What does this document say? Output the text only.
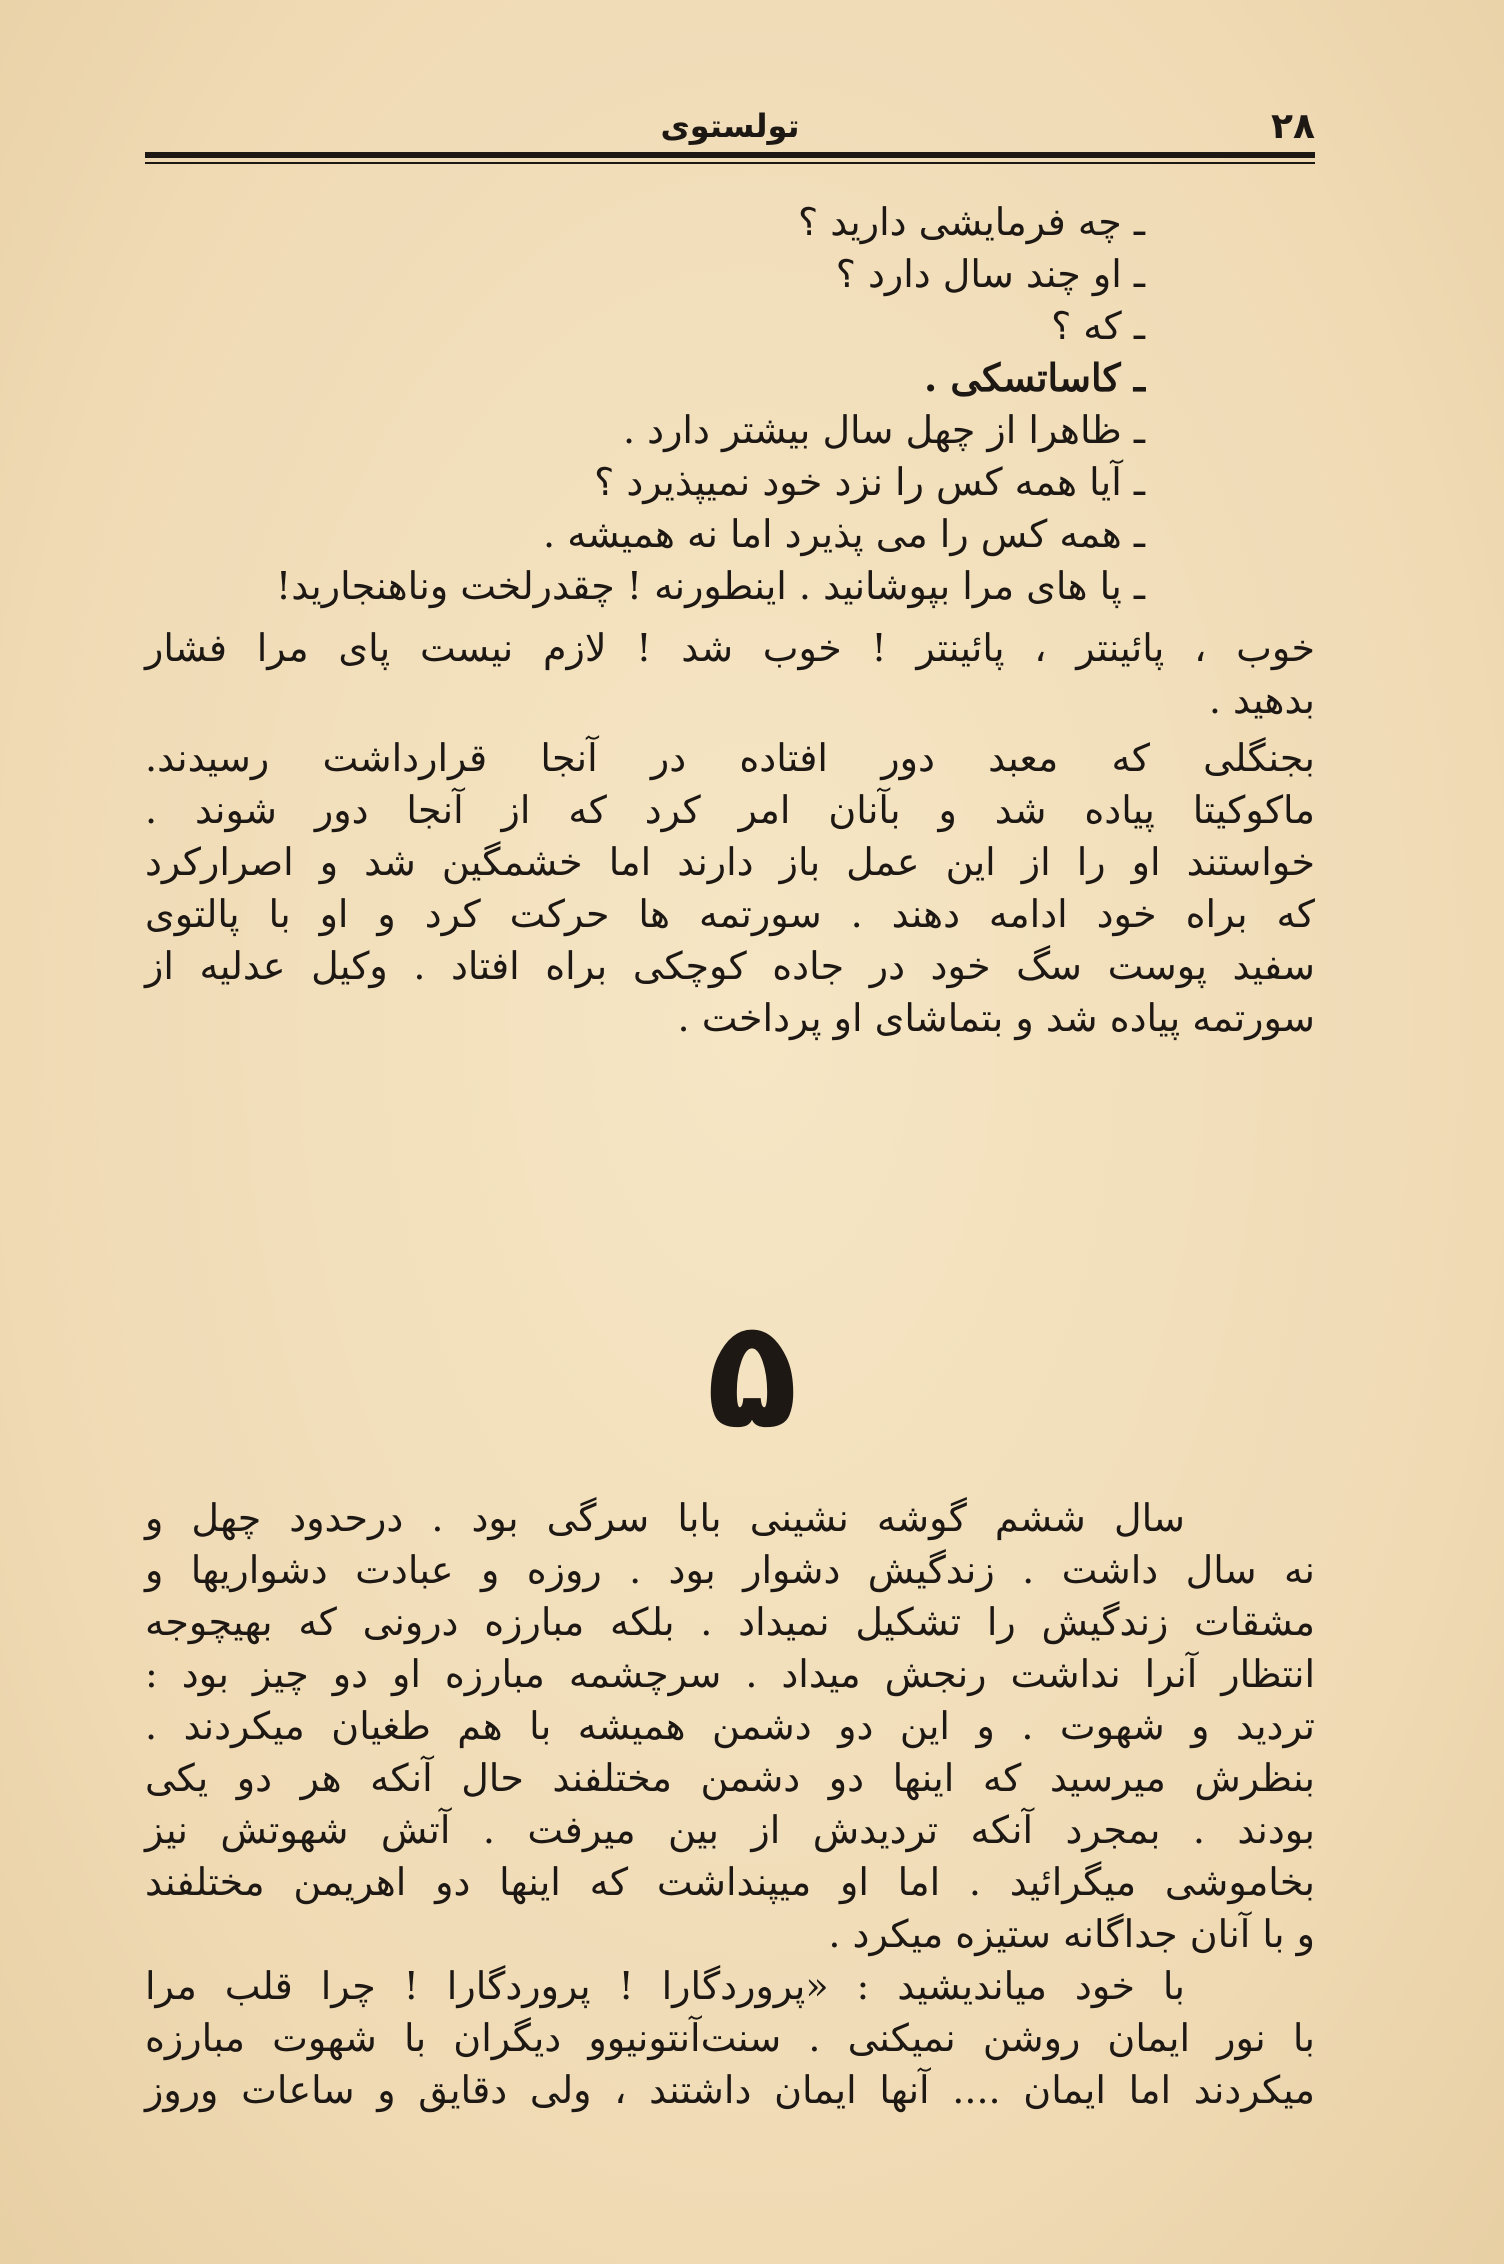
۲۸
تولستوی
ـ چه فرمایشی دارید ؟
ـ او چند سال دارد ؟
ـ که ؟
ـ کاساتسکی .
ـ ظاهرا از چهل سال بیشتر دارد .
ـ آیا همه کس را نزد خود نمیپذیرد ؟
ـ همه کس را می پذیرد اما نه همیشه .
ـ پا های مرا بپوشانید . اینطورنه ! چقدرلخت وناهنجارید!
خوب ، پائینتر ، پائینتر ! خوب شد ! لازم نیست پای مرا فشار
بدهید .
بجنگلی که معبد دور افتاده در آنجا قرارداشت رسیدند.
ماکوکیتا پیاده شد و بآنان امر کرد که از آنجا دور شوند .
خواستند او را از این عمل باز دارند اما خشمگین شد و اصرارکرد
که براه خود ادامه دهند . سورتمه ها حرکت کرد و او با پالتوی
سفید پوست سگ خود در جاده کوچکی براه افتاد . وکیل عدلیه از
سورتمه پیاده شد و بتماشای او پرداخت .
۵
سال ششم گوشه نشینی بابا سرگی بود . درحدود چهل و
نه سال داشت . زندگیش دشوار بود . روزه و عبادت دشواریها و
مشقات زندگیش را تشکیل نمیداد . بلکه مبارزه درونی که بهیچوجه
انتظار آنرا نداشت رنجش میداد . سرچشمه مبارزه او دو چیز بود :
تردید و شهوت . و این دو دشمن همیشه با هم طغیان میکردند .
بنظرش میرسید که اینها دو دشمن مختلفند حال آنکه هر دو یکی
بودند . بمجرد آنکه تردیدش از بین میرفت . آتش شهوتش نیز
بخاموشی میگرائید . اما او میپنداشت که اینها دو اهریمن مختلفند
و با آنان جداگانه ستیزه میکرد .
با خود میاندیشید : «پروردگارا ! پروردگارا ! چرا قلب مرا
با نور ایمان روشن نمیکنی . سنت‌آنتونیوو دیگران با شهوت مبارزه
میکردند اما ایمان .... آنها ایمان داشتند ، ولی دقایق و ساعات وروز
